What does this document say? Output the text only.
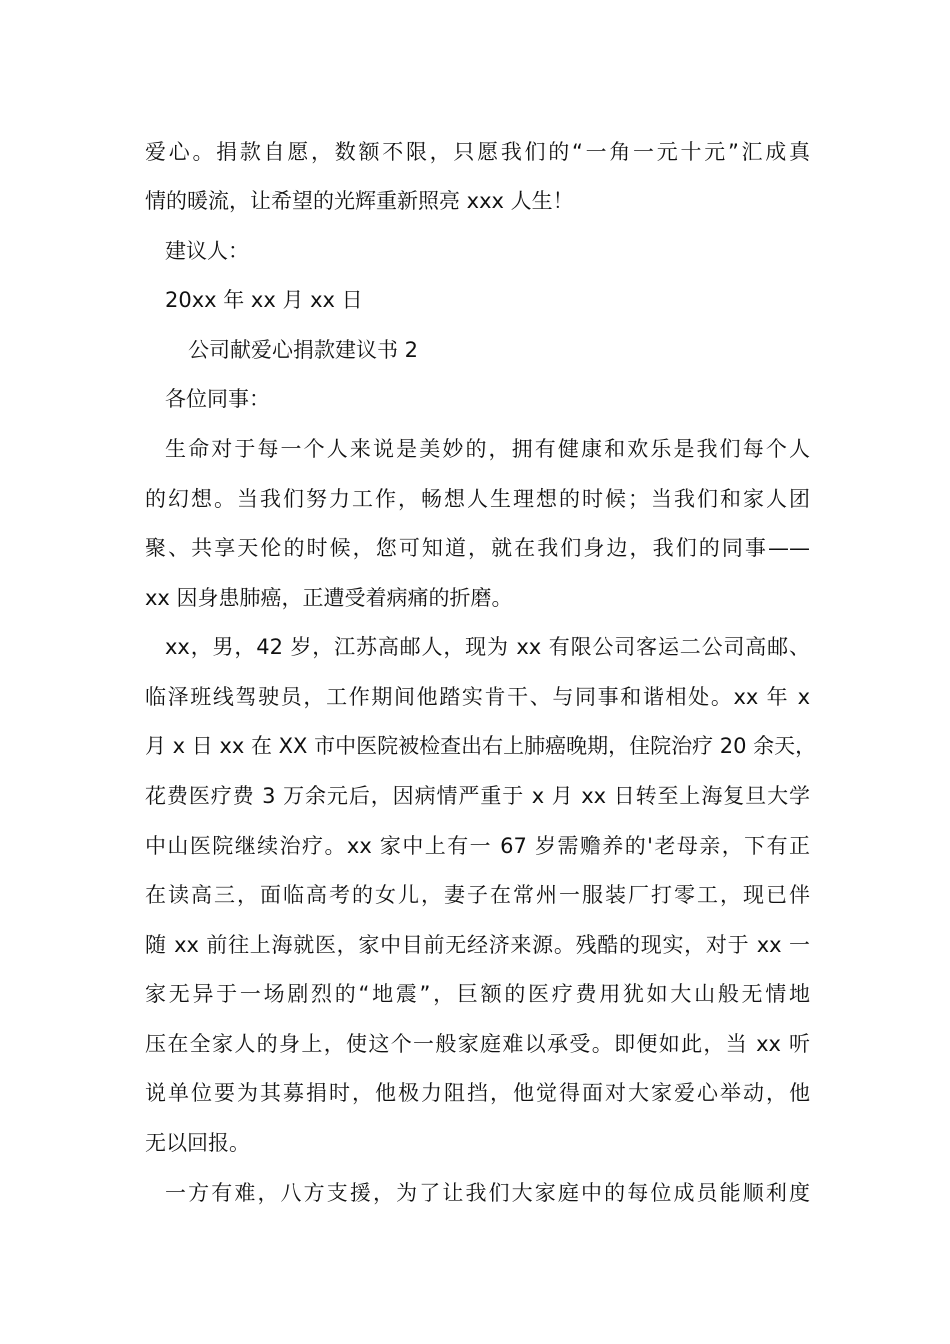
爱心。捐款自愿，数额不限，只愿我们的“一角一元十元”汇成真
情的暖流，让希望的光辉重新照亮 xxx 人生！
建议人：
20xx 年 xx 月 xx 日
公司献爱心捐款建议书 2
各位同事：
生命对于每一个人来说是美妙的，拥有健康和欢乐是我们每个人
的幻想。当我们努力工作，畅想人生理想的时候；当我们和家人团
聚、共享天伦的时候，您可知道，就在我们身边，我们的同事——
xx 因身患肺癌，正遭受着病痛的折磨。
xx，男，42 岁，江苏高邮人，现为 xx 有限公司客运二公司高邮、
临泽班线驾驶员，工作期间他踏实肯干、与同事和谐相处。xx 年 x
月 x 日 xx 在 XX 市中医院被检查出右上肺癌晚期，住院治疗 20 余天，
花费医疗费 3 万余元后，因病情严重于 x 月 xx 日转至上海复旦大学
中山医院继续治疗。xx 家中上有一 67 岁需赡养的'老母亲，下有正
在读高三，面临高考的女儿，妻子在常州一服装厂打零工，现已伴
随 xx 前往上海就医，家中目前无经济来源。残酷的现实，对于 xx 一
家无异于一场剧烈的“地震”，巨额的医疗费用犹如大山般无情地
压在全家人的身上，使这个一般家庭难以承受。即便如此，当 xx 听
说单位要为其募捐时，他极力阻挡，他觉得面对大家爱心举动，他
无以回报。
一方有难，八方支援，为了让我们大家庭中的每位成员能顺利度
